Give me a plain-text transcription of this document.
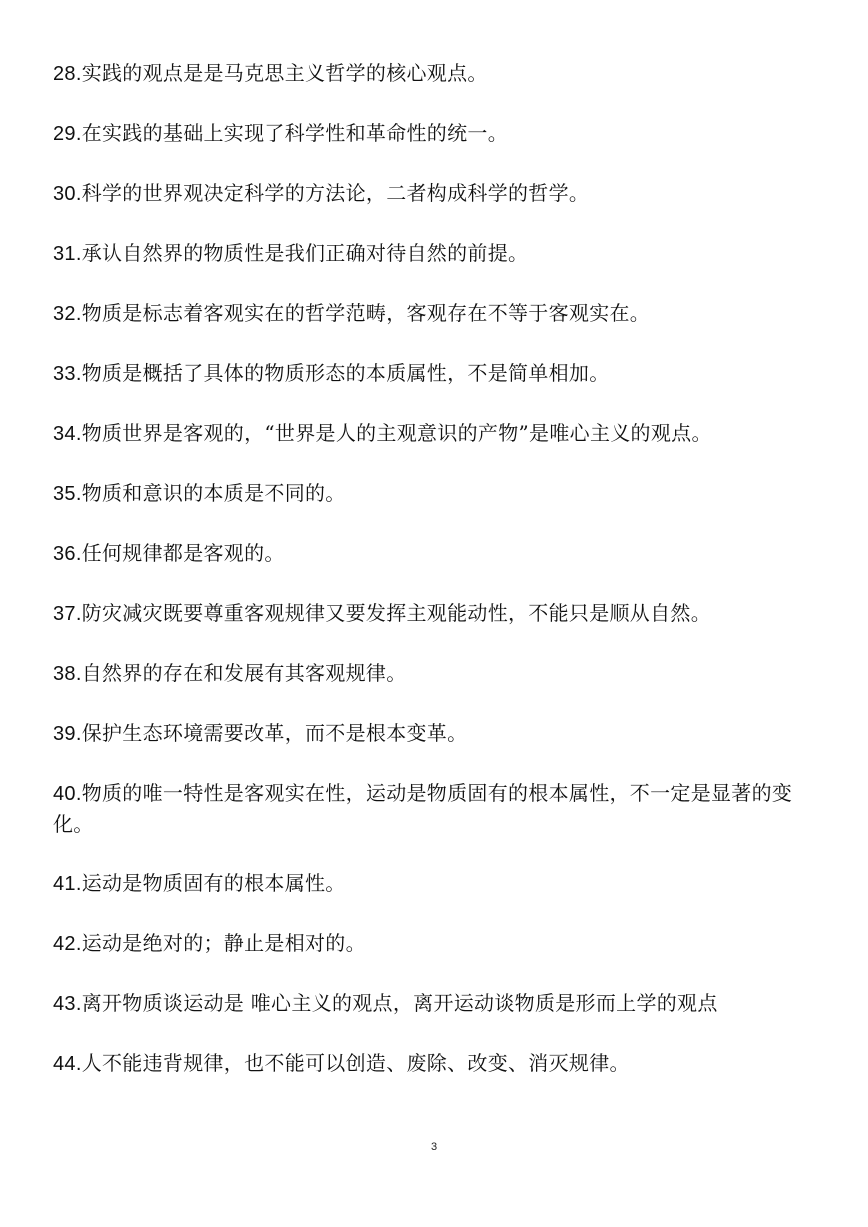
28.实践的观点是是马克思主义哲学的核心观点。
29.在实践的基础上实现了科学性和革命性的统一。
30.科学的世界观决定科学的方法论，二者构成科学的哲学。
31.承认自然界的物质性是我们正确对待自然的前提。
32.物质是标志着客观实在的哲学范畴，客观存在不等于客观实在。
33.物质是概括了具体的物质形态的本质属性，不是简单相加。
34.物质世界是客观的，“世界是人的主观意识的产物”是唯心主义的观点。
35.物质和意识的本质是不同的。
36.任何规律都是客观的。
37.防灾减灾既要尊重客观规律又要发挥主观能动性，不能只是顺从自然。
38.自然界的存在和发展有其客观规律。
39.保护生态环境需要改革，而不是根本变革。
40.物质的唯一特性是客观实在性，运动是物质固有的根本属性，不一定是显著的变化。
41.运动是物质固有的根本属性。
42.运动是绝对的；静止是相对的。
43.离开物质谈运动是 唯心主义的观点，离开运动谈物质是形而上学的观点
44.人不能违背规律，也不能可以创造、废除、改变、消灭规律。
3
